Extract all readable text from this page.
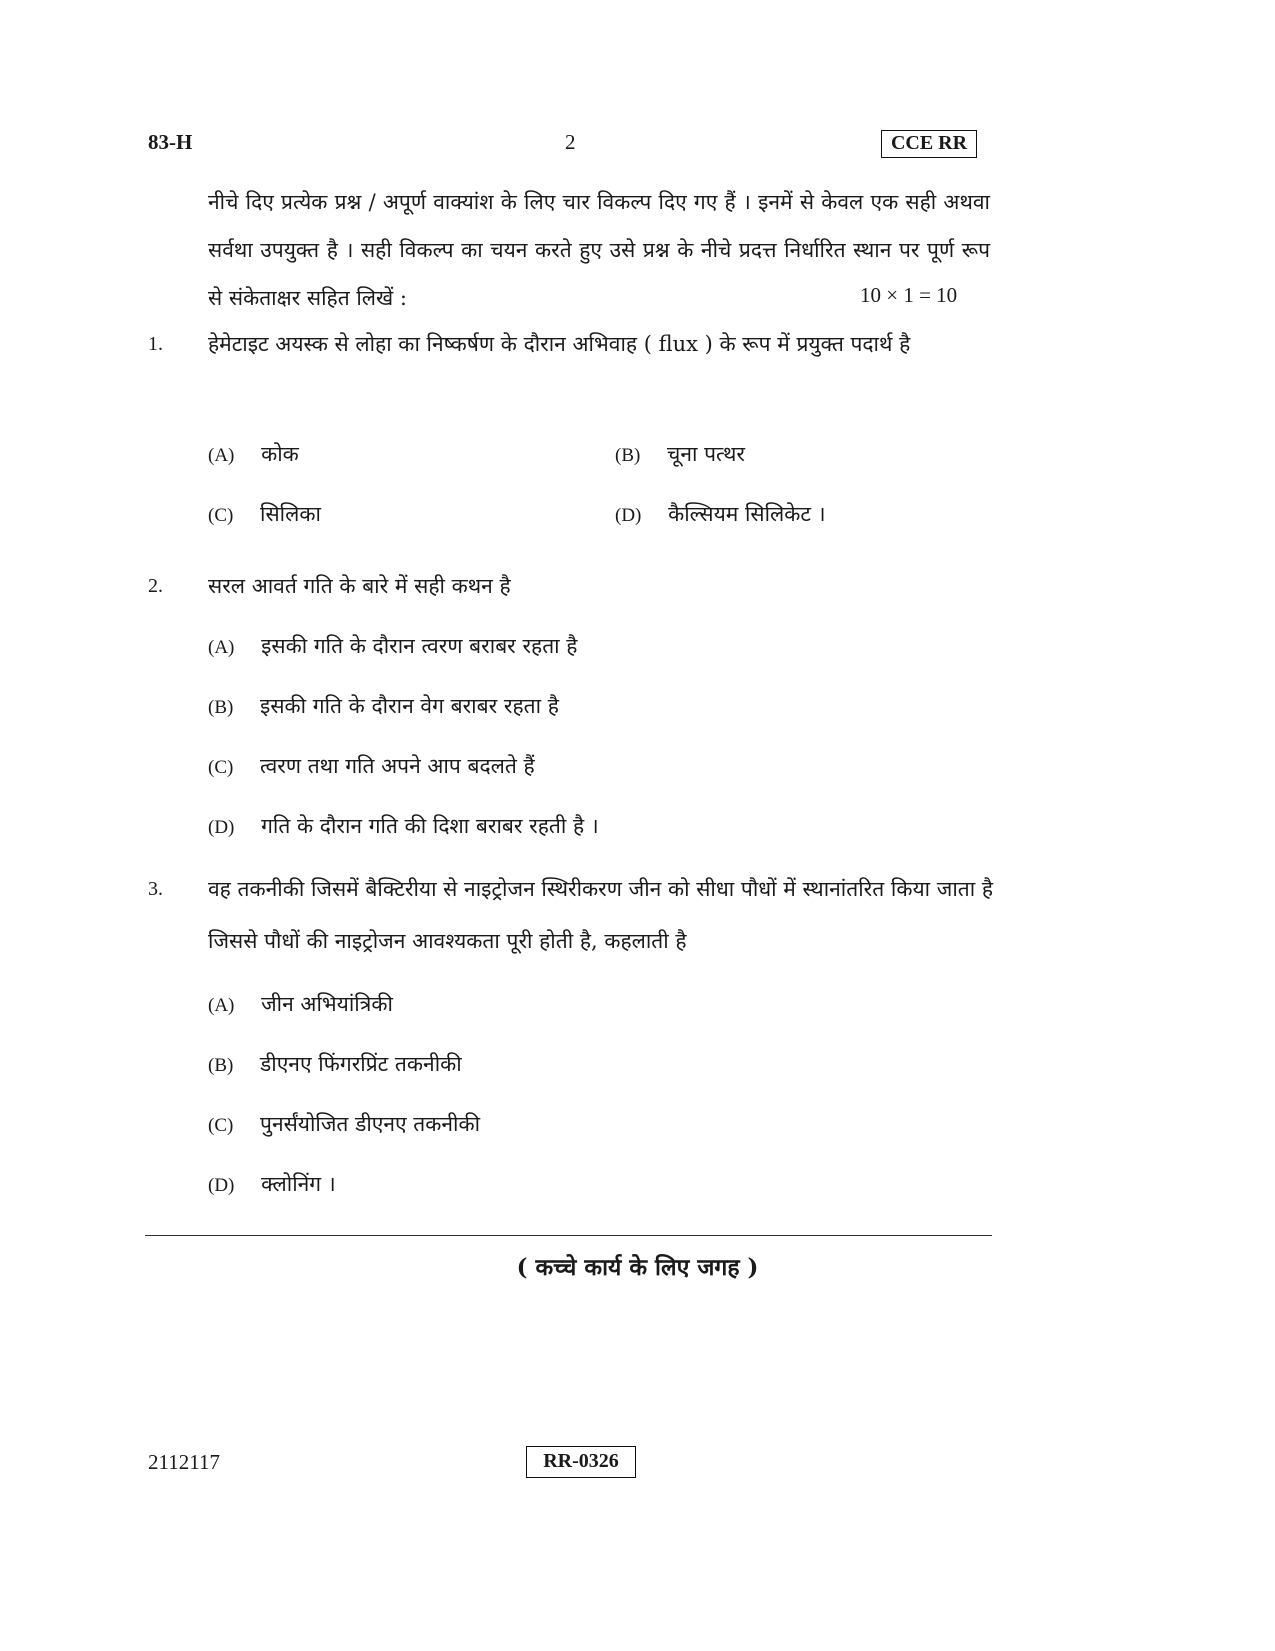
83-H	2	CCE RR
नीचे दिए प्रत्येक प्रश्न / अपूर्ण वाक्यांश के लिए चार विकल्प दिए गए हैं । इनमें से केवल एक सही अथवा सर्वथा उपयुक्त है । सही विकल्प का चयन करते हुए उसे प्रश्न के नीचे प्रदत्त निर्धारित स्थान पर पूर्ण रूप से संकेताक्षर सहित लिखें :	10 × 1 = 10
1. हेमेटाइट अयस्क से लोहा का निष्कर्षण के दौरान अभिवाह ( flux ) के रूप में प्रयुक्त पदार्थ है
(A) कोक	(B) चूना पत्थर
(C) सिलिका	(D) कैल्सियम सिलिकेट ।
2. सरल आवर्त गति के बारे में सही कथन है
(A) इसकी गति के दौरान त्वरण बराबर रहता है
(B) इसकी गति के दौरान वेग बराबर रहता है
(C) त्वरण तथा गति अपने आप बदलते हैं
(D) गति के दौरान गति की दिशा बराबर रहती है ।
3. वह तकनीकी जिसमें बैक्टिरीया से नाइट्रोजन स्थिरीकरण जीन को सीधा पौधों में स्थानांतरित किया जाता है जिससे पौधों की नाइट्रोजन आवश्यकता पूरी होती है, कहलाती है
(A) जीन अभियांत्रिकी
(B) डीएनए फिंगरप्रिंट तकनीकी
(C) पुनर्संयोजित डीएनए तकनीकी
(D) क्लोनिंग ।
( कच्चे कार्य के लिए जगह )
2112117	RR-0326
